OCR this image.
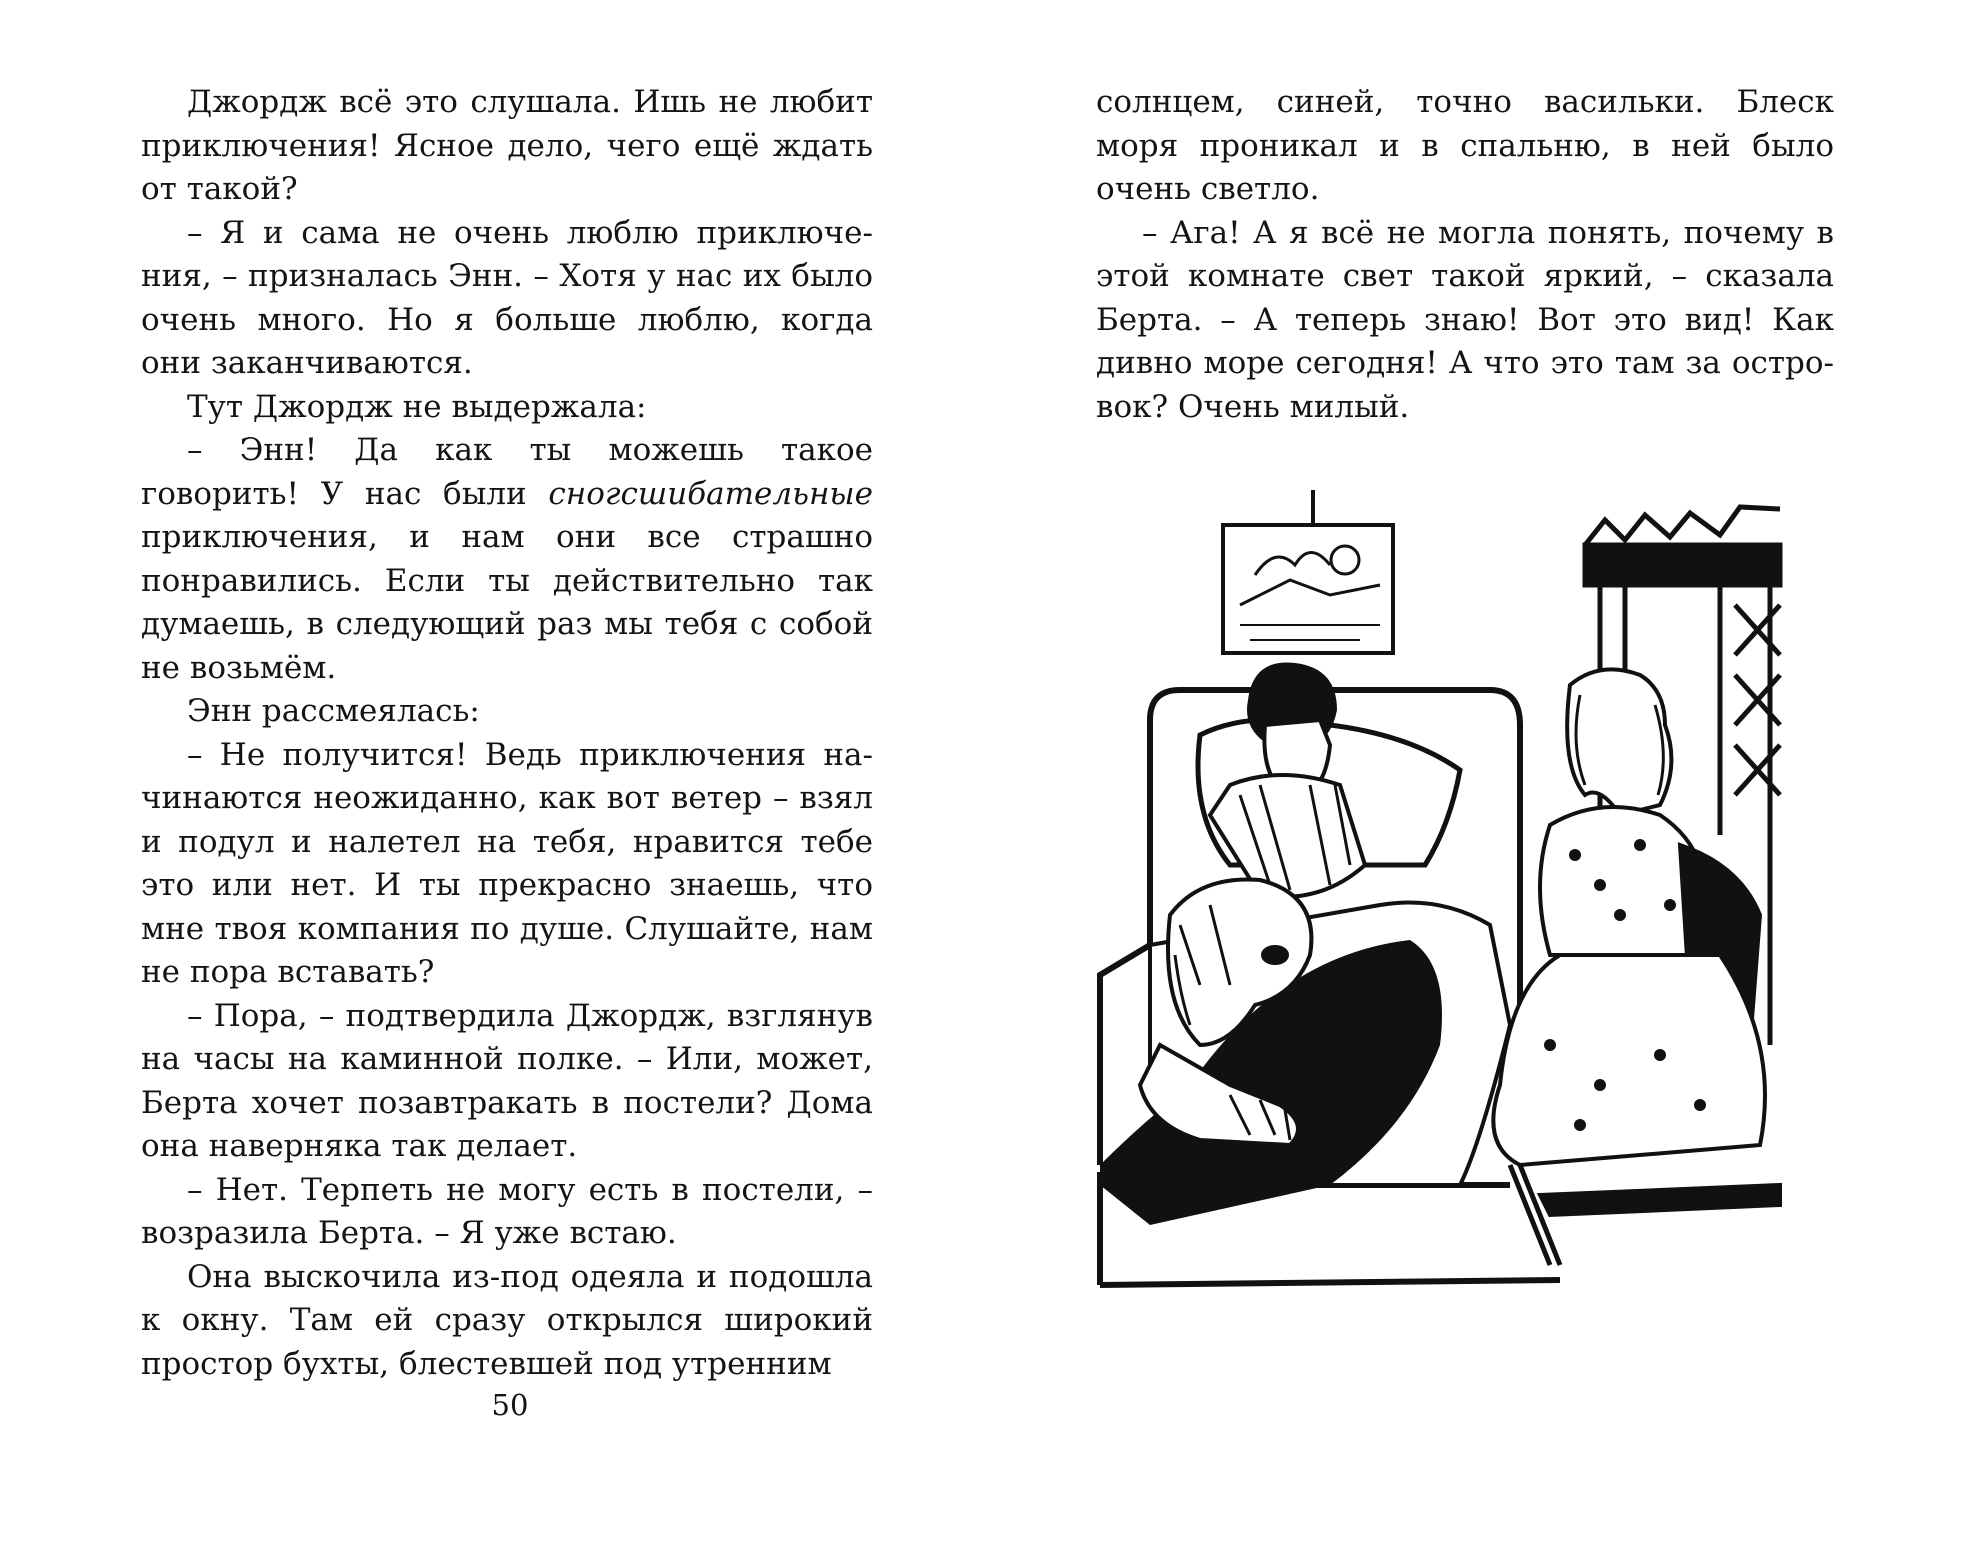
Джордж всё это слушала. Ишь не любит приключения! Ясное дело, чего ещё ждать от такой?

– Я и сама не очень люблю приключения, – призналась Энн. – Хотя у нас их было очень много. Но я больше люблю, когда они заканчиваются.

Тут Джордж не выдержала:

– Энн! Да как ты можешь такое говорить! У нас были сногсшибательные приключения, и нам они все страшно понравились. Если ты действительно так думаешь, в следующий раз мы тебя с собой не возьмём.

Энн рассмеялась:

– Не получится! Ведь приключения начинаются неожиданно, как вот ветер – взял и подул и налетел на тебя, нравится тебе это или нет. И ты прекрасно знаешь, что мне твоя компания по душе. Слушайте, нам не пора вставать?

– Пора, – подтвердила Джордж, взглянув на часы на каминной полке. – Или, может, Берта хочет позавтракать в постели? Дома она наверняка так делает.

– Нет. Терпеть не могу есть в постели, – возразила Берта. – Я уже встаю.

Она выскочила из-под одеяла и подошла к окну. Там ей сразу открылся широкий простор бухты, блестевшей под утренним

50

солнцем, синей, точно васильки. Блеск моря проникал и в спальню, в ней было очень светло.

– Ага! А я всё не могла понять, почему в этой комнате свет такой яркий, – сказала Берта. – А теперь знаю! Вот это вид! Как дивно море сегодня! А что это там за островок? Очень милый.
